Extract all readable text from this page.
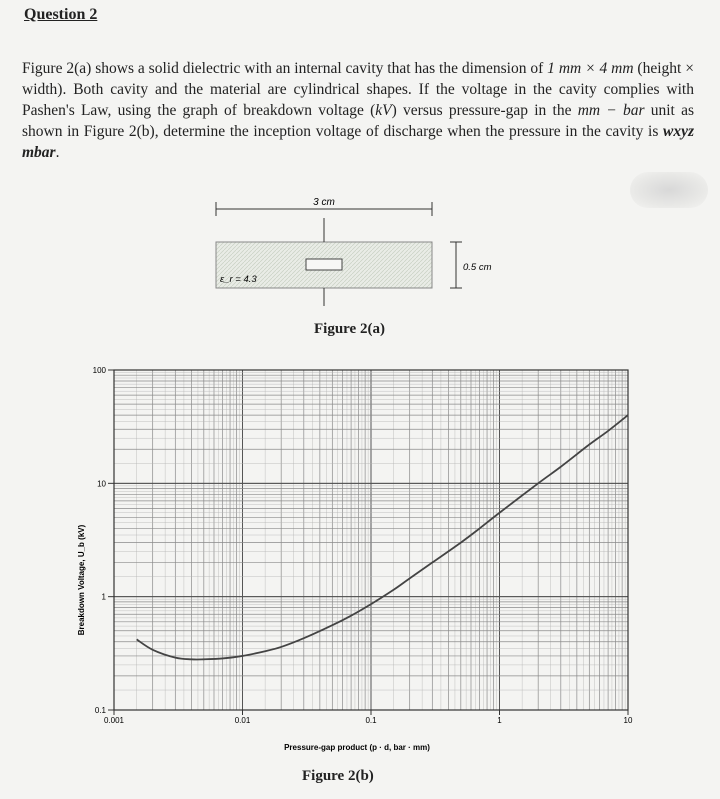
Question 2

Figure 2(a) shows a solid dielectric with an internal cavity that has the dimension of 1 mm × 4 mm (height × width). Both cavity and the material are cylindrical shapes. If the voltage in the cavity complies with Pashen's Law, using the graph of breakdown voltage (kV) versus pressure-gap in the mm − bar unit as shown in Figure 2(b), determine the inception voltage of discharge when the pressure in the cavity is wxyz mbar.

3 cm
0.5 cm
ε_r = 4.3
Figure 2(a)
0.1
1
10
100
0.001	0.01	0.1	1	10
Breakdown Voltage, U_b (kV)
Pressure-gap product (p · d, bar · mm)
Figure 2(b)
